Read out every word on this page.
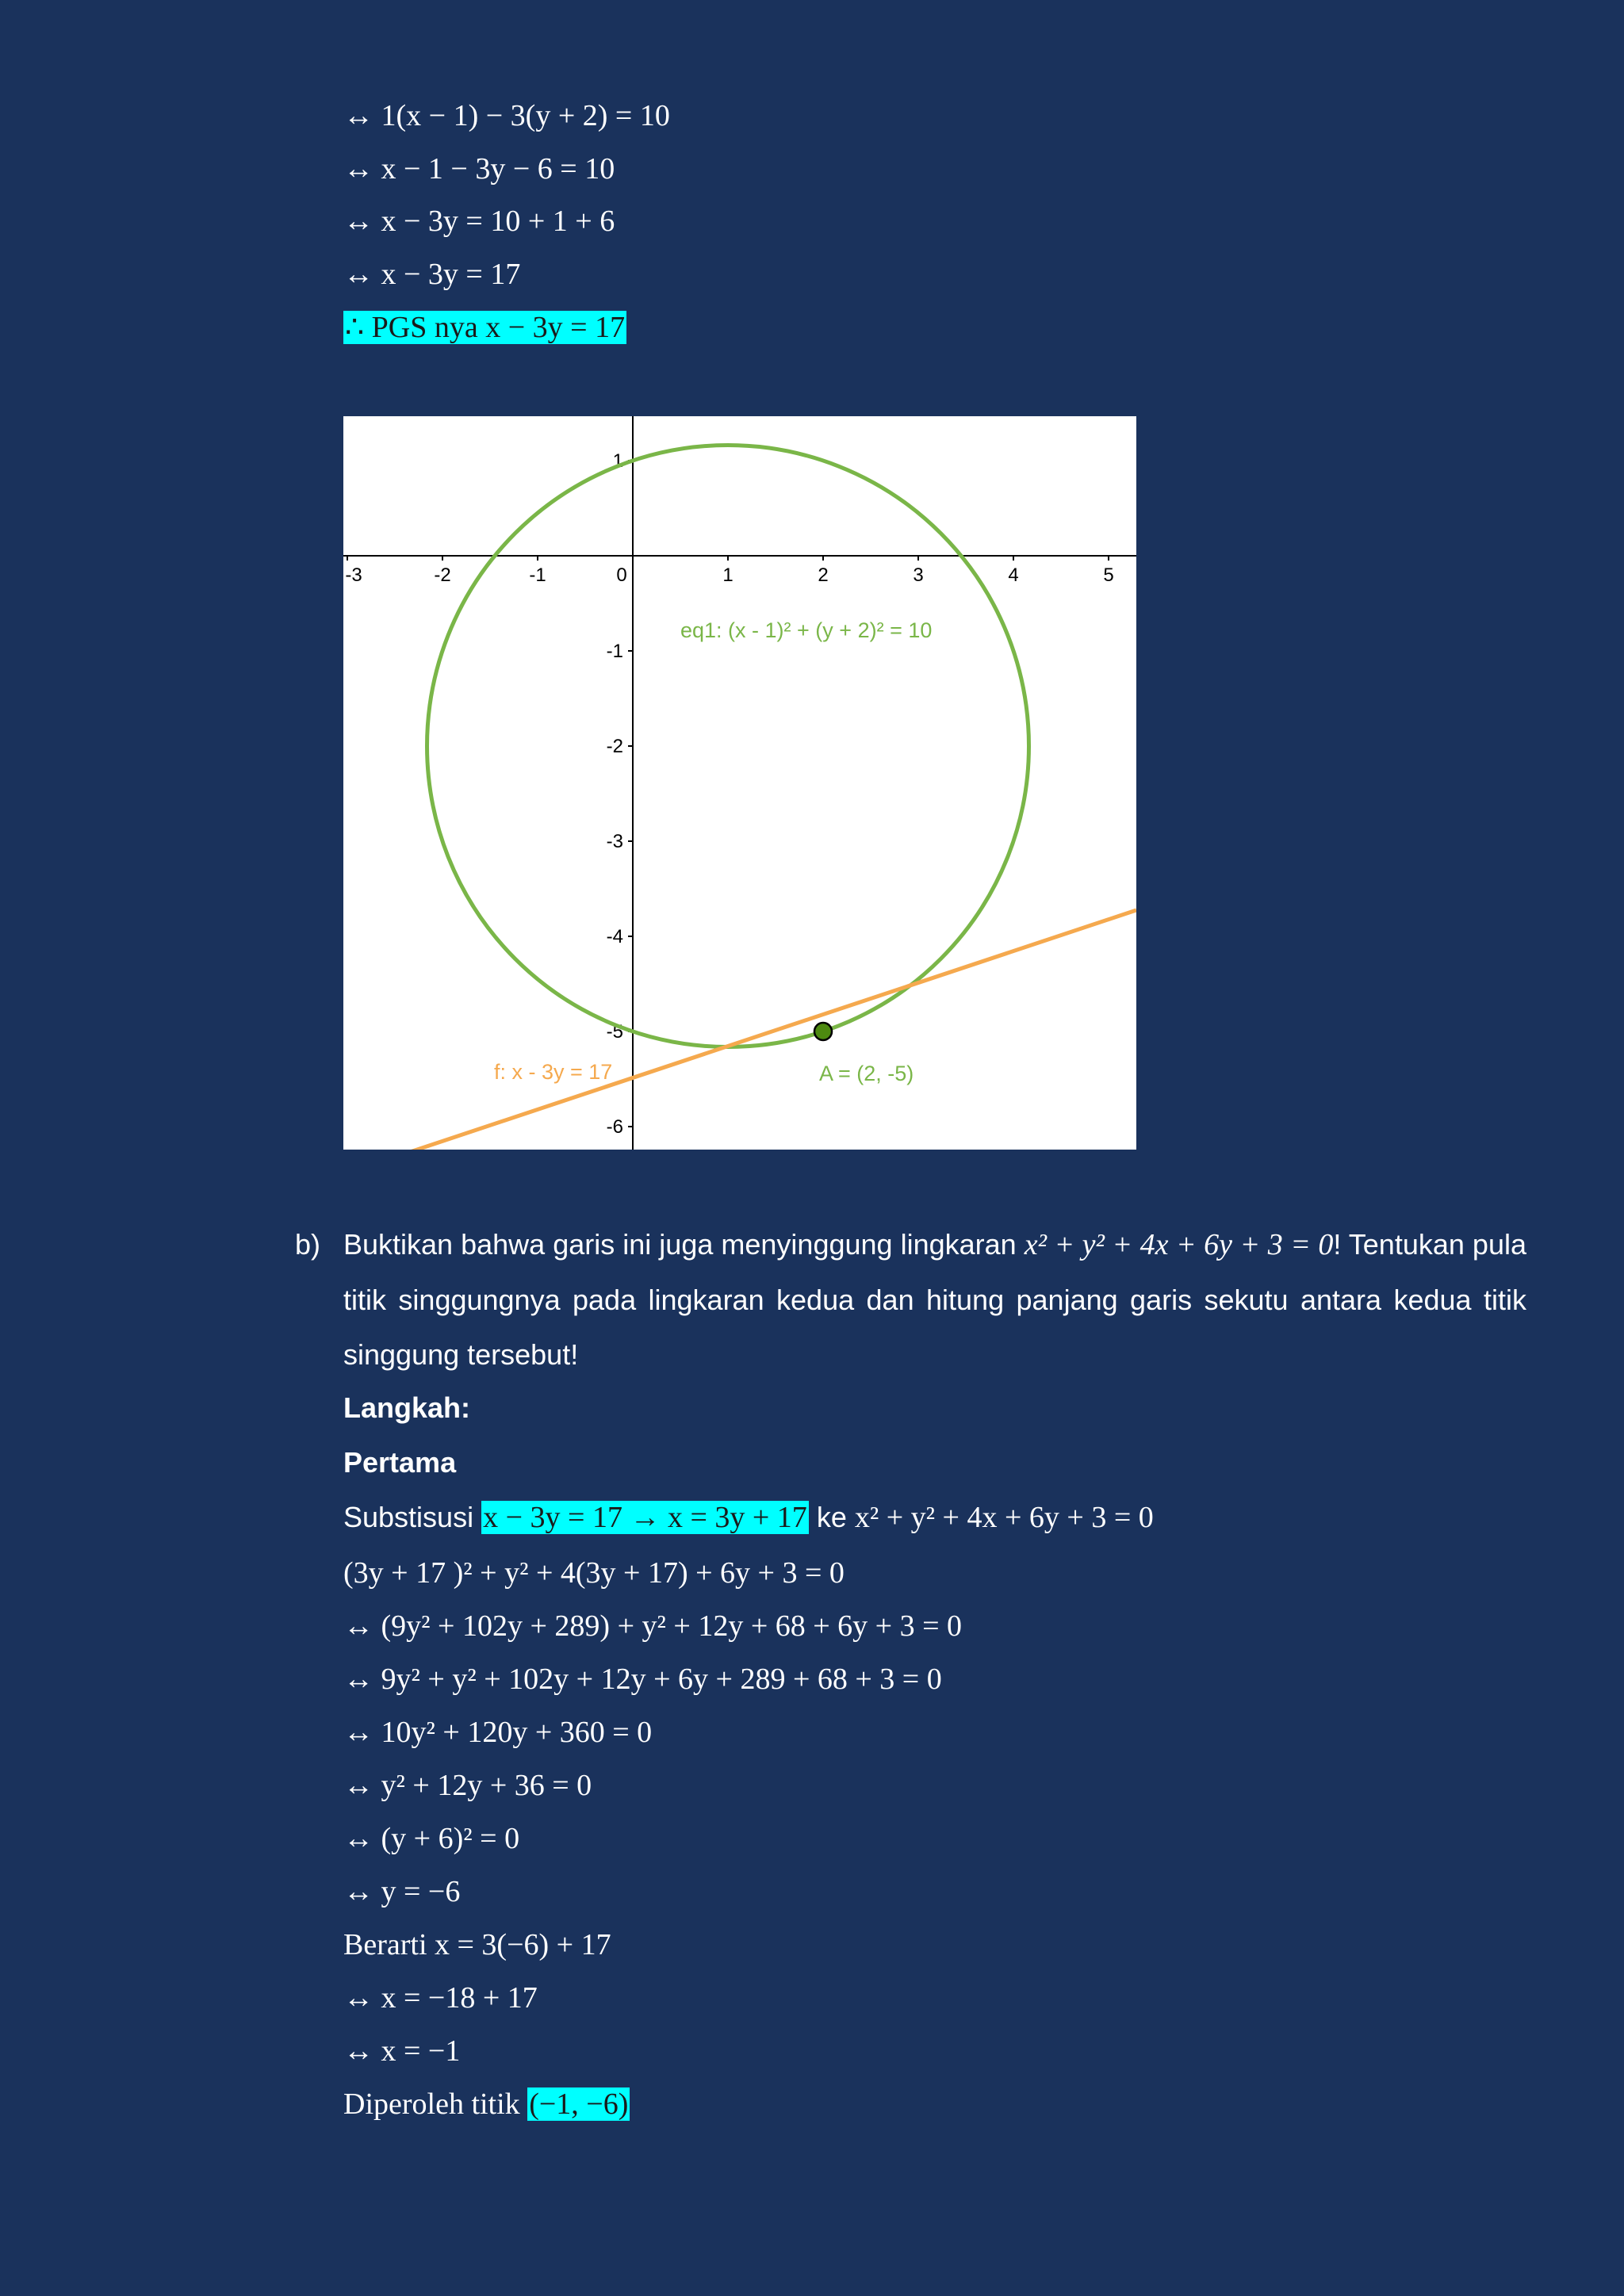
↔ 1(x − 1) − 3(y + 2) = 10
↔ x − 1 − 3y − 6 = 10
↔ x − 3y = 10 + 1 + 6
↔ x − 3y = 17
∴ PGS nya x − 3y = 17
-3	-2	-1	0	1	2	3	4	5
1
-1
-2
-3
-4
-5
-6
eq1: (x - 1)² + (y + 2)² = 10
f: x - 3y = 17	A = (2, -5)
b) Buktikan bahwa garis ini juga menyinggung lingkaran x² + y² + 4x + 6y + 3 = 0! Tentukan pula titik singgungnya pada lingkaran kedua dan hitung panjang garis sekutu antara kedua titik singgung tersebut!
Langkah:
Pertama
Substisusi x − 3y = 17 → x = 3y + 17 ke x² + y² + 4x + 6y + 3 = 0
(3y + 17 )² + y² + 4(3y + 17) + 6y + 3 = 0
↔ (9y² + 102y + 289) + y² + 12y + 68 + 6y + 3 = 0
↔ 9y² + y² + 102y + 12y + 6y + 289 + 68 + 3 = 0
↔ 10y² + 120y + 360 = 0
↔ y² + 12y + 36 = 0
↔ (y + 6)² = 0
↔ y = −6
Berarti x = 3(−6) + 17
↔ x = −18 + 17
↔ x = −1
Diperoleh titik (−1, −6)
